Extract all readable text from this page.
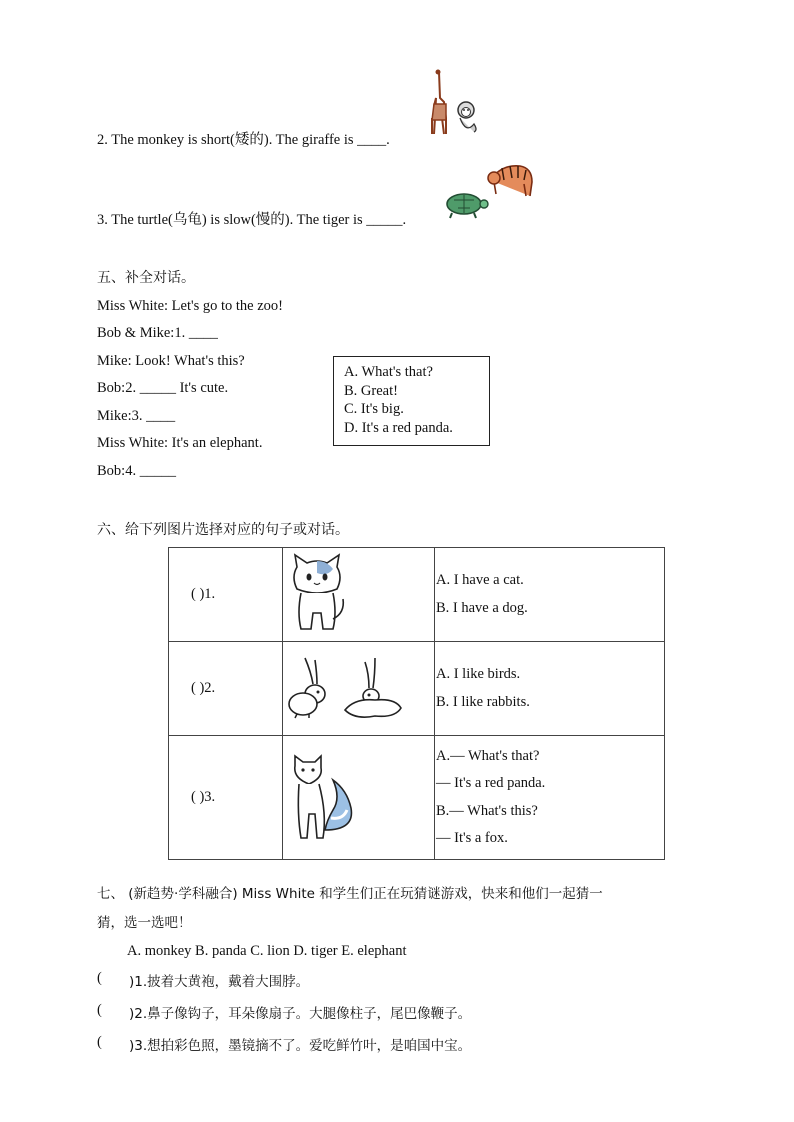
2. The monkey is short(矮的). The giraffe is ____.
3. The turtle(乌龟) is slow(慢的). The tiger is _____.
五、补全对话。
Miss White: Let's go to the zoo!
Bob & Mike:1. ____
Mike: Look! What's this?
Bob:2. _____ It's cute.
Mike:3. ____
Miss White: It's an elephant.
Bob:4. _____
A. What's that?
B. Great!
C. It's big.
D. It's a red panda.
六、给下列图片选择对应的句子或对话。
( )1.		A. I have a cat.
B. I have a dog.

( )2.		A. I like birds.
B. I like rabbits.

( )3.		A.— What's that?
— It's a red panda.
B.— What's this?
— It's a fox.
七、 (新趋势·学科融合) Miss White 和学生们正在玩猜谜游戏，快来和他们一起猜一
猜，选一选吧！
A. monkey B. panda C. lion D. tiger E. elephant
( )1.披着大黄袍，戴着大围脖。
( )2.鼻子像钩子，耳朵像扇子。大腿像柱子，尾巴像鞭子。
( )3.想拍彩色照，墨镜摘不了。爱吃鲜竹叶，是咱国中宝。
